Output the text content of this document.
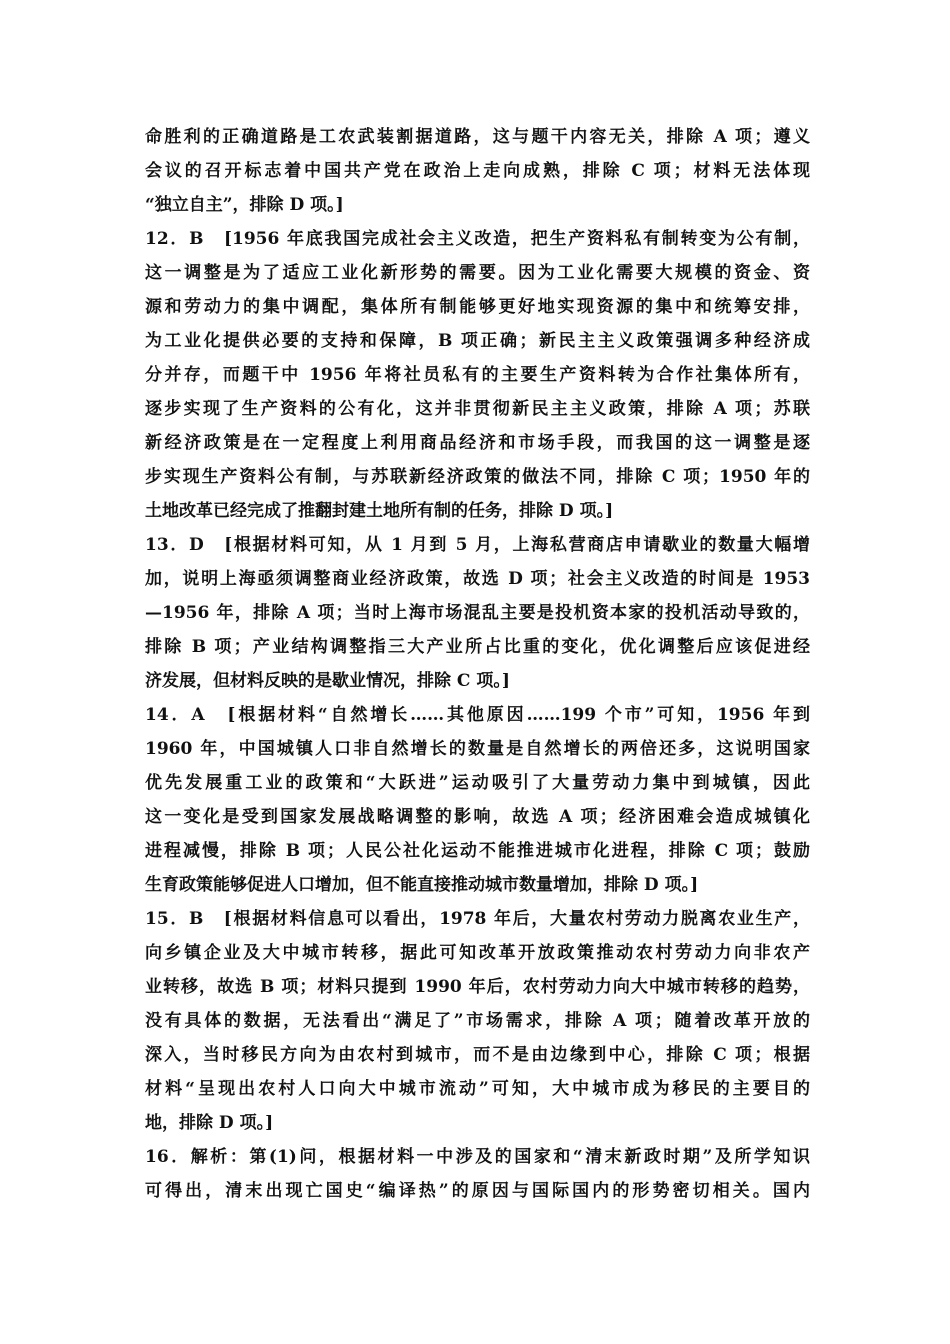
命胜利的正确道路是工农武装割据道路，这与题干内容无关，排除 A 项；遵义
会议的召开标志着中国共产党在政治上走向成熟，排除 C 项；材料无法体现
“独立自主”，排除 D 项。]
12．B　[1956 年底我国完成社会主义改造，把生产资料私有制转变为公有制，
这一调整是为了适应工业化新形势的需要。因为工业化需要大规模的资金、资
源和劳动力的集中调配，集体所有制能够更好地实现资源的集中和统筹安排，
为工业化提供必要的支持和保障，B 项正确；新民主主义政策强调多种经济成
分并存，而题干中 1956 年将社员私有的主要生产资料转为合作社集体所有，
逐步实现了生产资料的公有化，这并非贯彻新民主主义政策，排除 A 项；苏联
新经济政策是在一定程度上利用商品经济和市场手段，而我国的这一调整是逐
步实现生产资料公有制，与苏联新经济政策的做法不同，排除 C 项；1950 年的
土地改革已经完成了推翻封建土地所有制的任务，排除 D 项。]
13．D　[根据材料可知，从 1 月到 5 月，上海私营商店申请歇业的数量大幅增
加，说明上海亟须调整商业经济政策，故选 D 项；社会主义改造的时间是 1953
—1956 年，排除 A 项；当时上海市场混乱主要是投机资本家的投机活动导致的，
排除 B 项；产业结构调整指三大产业所占比重的变化，优化调整后应该促进经
济发展，但材料反映的是歇业情况，排除 C 项。]
14．A　[根据材料“自然增长……其他原因……199 个市”可知，1956 年到
1960 年，中国城镇人口非自然增长的数量是自然增长的两倍还多，这说明国家
优先发展重工业的政策和“大跃进”运动吸引了大量劳动力集中到城镇，因此
这一变化是受到国家发展战略调整的影响，故选 A 项；经济困难会造成城镇化
进程减慢，排除 B 项；人民公社化运动不能推进城市化进程，排除 C 项；鼓励
生育政策能够促进人口增加，但不能直接推动城市数量增加，排除 D 项。]
15．B　[根据材料信息可以看出，1978 年后，大量农村劳动力脱离农业生产，
向乡镇企业及大中城市转移，据此可知改革开放政策推动农村劳动力向非农产
业转移，故选 B 项；材料只提到 1990 年后，农村劳动力向大中城市转移的趋势，
没有具体的数据，无法看出“满足了”市场需求，排除 A 项；随着改革开放的
深入，当时移民方向为由农村到城市，而不是由边缘到中心，排除 C 项；根据
材料“呈现出农村人口向大中城市流动”可知，大中城市成为移民的主要目的
地，排除 D 项。]
16．解析：第(1)问，根据材料一中涉及的国家和“清末新政时期”及所学知识
可得出，清末出现亡国史“编译热”的原因与国际国内的形势密切相关。国内
